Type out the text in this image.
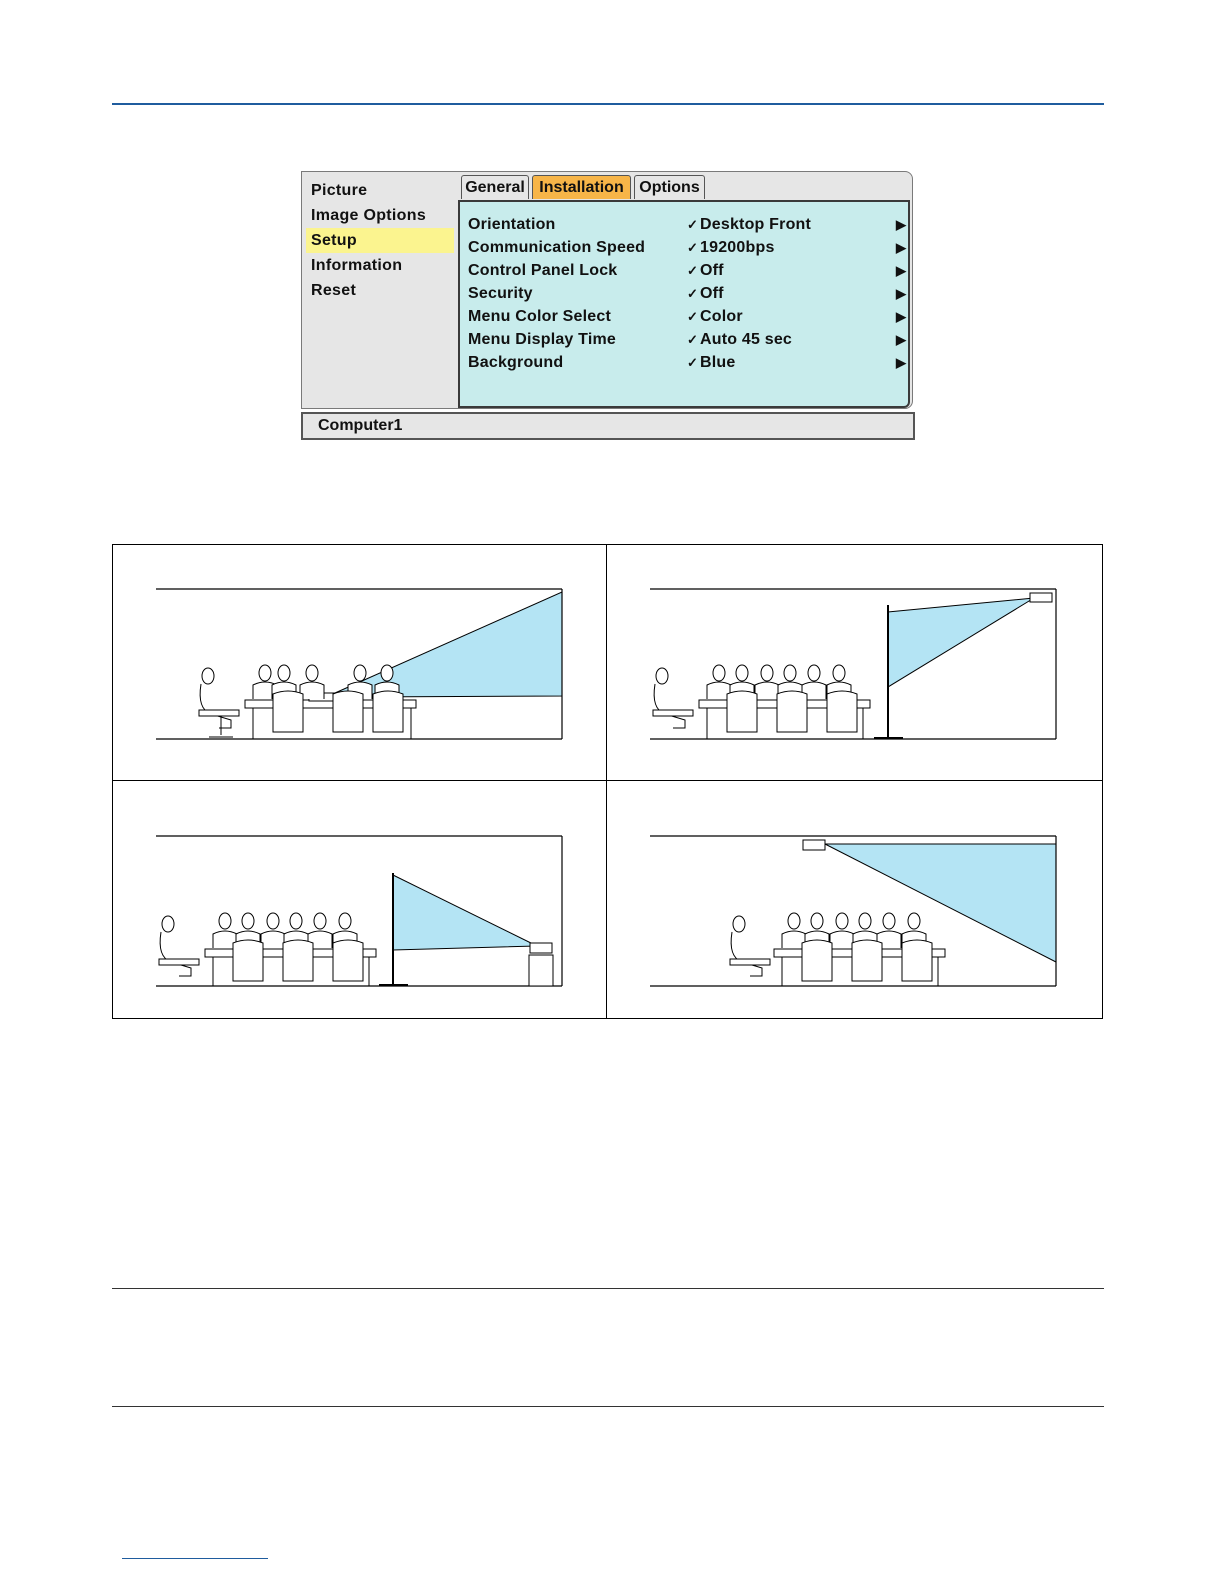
Picture
Image Options
Setup
Information
Reset
General Installation Options
Orientation	✓ Desktop Front	▶
Communication Speed	✓ 19200bps	▶
Control Panel Lock	✓ Off	▶
Security	✓ Off	▶
Menu Color Select	✓ Color	▶
Menu Display Time	✓ Auto 45 sec	▶
Background	✓ Blue	▶
Computer1
